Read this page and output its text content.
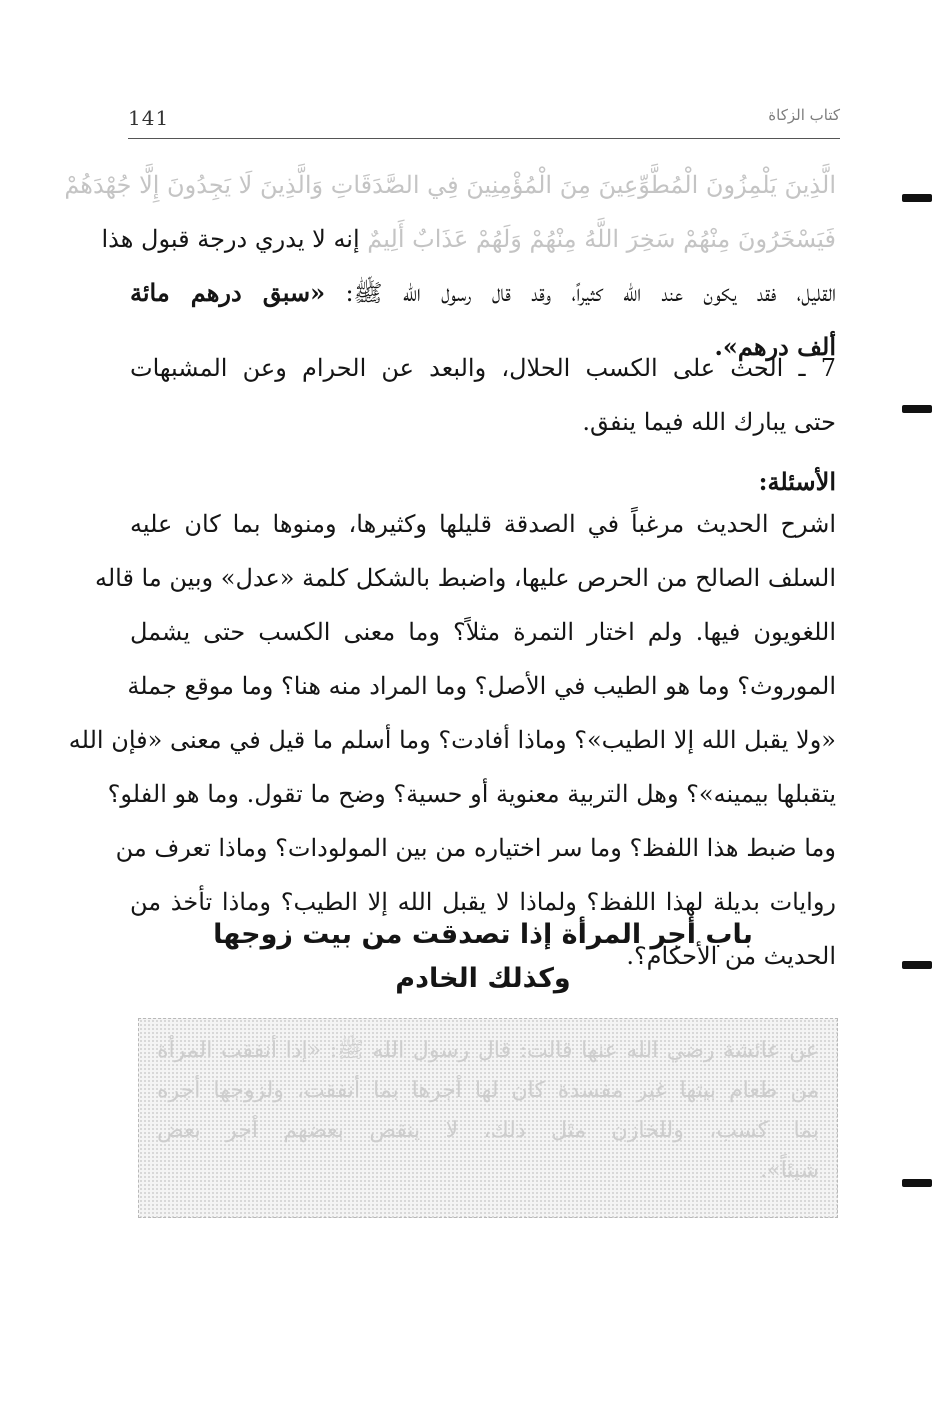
141	كتاب الزكاة
الَّذِينَ يَلْمِزُونَ الْمُطَّوِّعِينَ مِنَ الْمُؤْمِنِينَ فِي الصَّدَقَاتِ وَالَّذِينَ لَا يَجِدُونَ إِلَّا جُهْدَهُمْ
فَيَسْخَرُونَ مِنْهُمْ سَخِرَ اللَّهُ مِنْهُمْ وَلَهُمْ عَذَابٌ أَلِيمٌ إنه لا يدري درجة قبول هذا
القليل، فقد يكون عند الله كثيراً، وقد قال رسول الله ﷺ: «سبق درهم مائة
ألف درهم».
7 ـ الحث على الكسب الحلال، والبعد عن الحرام وعن المشبهات
حتى يبارك الله فيما ينفق.
الأسئلة:
اشرح الحديث مرغباً في الصدقة قليلها وكثيرها، ومنوها بما كان عليه
السلف الصالح من الحرص عليها، واضبط بالشكل كلمة «عدل» وبين ما قاله
اللغويون فيها. ولم اختار التمرة مثلاً؟ وما معنى الكسب حتى يشمل
الموروث؟ وما هو الطيب في الأصل؟ وما المراد منه هنا؟ وما موقع جملة
«ولا يقبل الله إلا الطيب»؟ وماذا أفادت؟ وما أسلم ما قيل في معنى «فإن الله
يتقبلها بيمينه»؟ وهل التربية معنوية أو حسية؟ وضح ما تقول. وما هو الفلو؟
وما ضبط هذا اللفظ؟ وما سر اختياره من بين المولودات؟ وماذا تعرف من
روايات بديلة لهذا اللفظ؟ ولماذا لا يقبل الله إلا الطيب؟ وماذا تأخذ من
الحديث من الأحكام؟.
باب أجر المرأة إذا تصدقت من بيت زوجها
وكذلك الخادم
عن عائشة رضي الله عنها قالت: قال رسول الله ﷺ: «إذا أنفقت المرأة
من طعام بيتها غير مفسدة كان لها أجرها بما أنفقت، ولزوجها أجره
بما كسب، وللخازن مثل ذلك، لا ينقص بعضهم أجر بعض
شيئاً».
